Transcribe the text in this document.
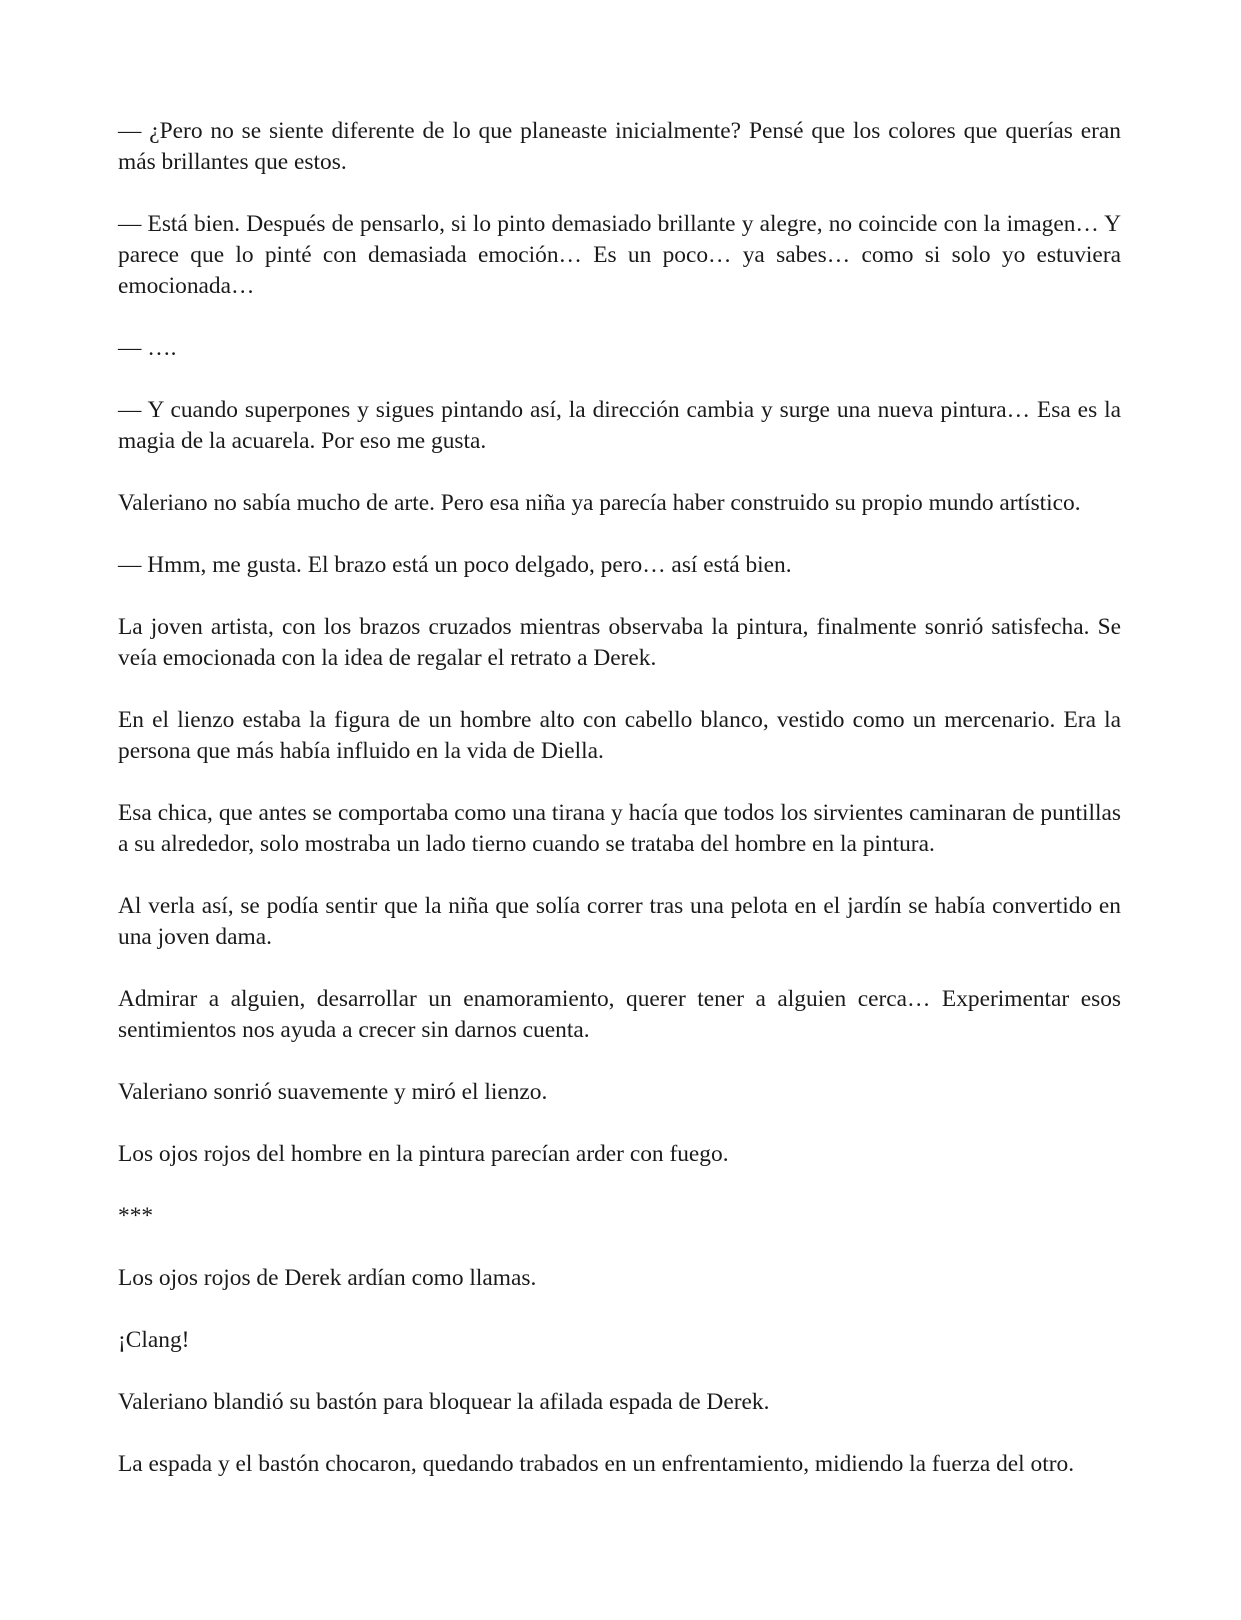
— ¿Pero no se siente diferente de lo que planeaste inicialmente? Pensé que los colores que querías eran más brillantes que estos.

— Está bien. Después de pensarlo, si lo pinto demasiado brillante y alegre, no coincide con la imagen… Y parece que lo pinté con demasiada emoción… Es un poco… ya sabes… como si solo yo estuviera emocionada…

— ….

— Y cuando superpones y sigues pintando así, la dirección cambia y surge una nueva pintura… Esa es la magia de la acuarela. Por eso me gusta.

Valeriano no sabía mucho de arte. Pero esa niña ya parecía haber construido su propio mundo artístico.

— Hmm, me gusta. El brazo está un poco delgado, pero… así está bien.

La joven artista, con los brazos cruzados mientras observaba la pintura, finalmente sonrió satisfecha. Se veía emocionada con la idea de regalar el retrato a Derek.

En el lienzo estaba la figura de un hombre alto con cabello blanco, vestido como un mercenario. Era la persona que más había influido en la vida de Diella.

Esa chica, que antes se comportaba como una tirana y hacía que todos los sirvientes caminaran de puntillas a su alrededor, solo mostraba un lado tierno cuando se trataba del hombre en la pintura.

Al verla así, se podía sentir que la niña que solía correr tras una pelota en el jardín se había convertido en una joven dama.

Admirar a alguien, desarrollar un enamoramiento, querer tener a alguien cerca… Experimentar esos sentimientos nos ayuda a crecer sin darnos cuenta.

Valeriano sonrió suavemente y miró el lienzo.

Los ojos rojos del hombre en la pintura parecían arder con fuego.

***

Los ojos rojos de Derek ardían como llamas.

¡Clang!

Valeriano blandió su bastón para bloquear la afilada espada de Derek.

La espada y el bastón chocaron, quedando trabados en un enfrentamiento, midiendo la fuerza del otro.
